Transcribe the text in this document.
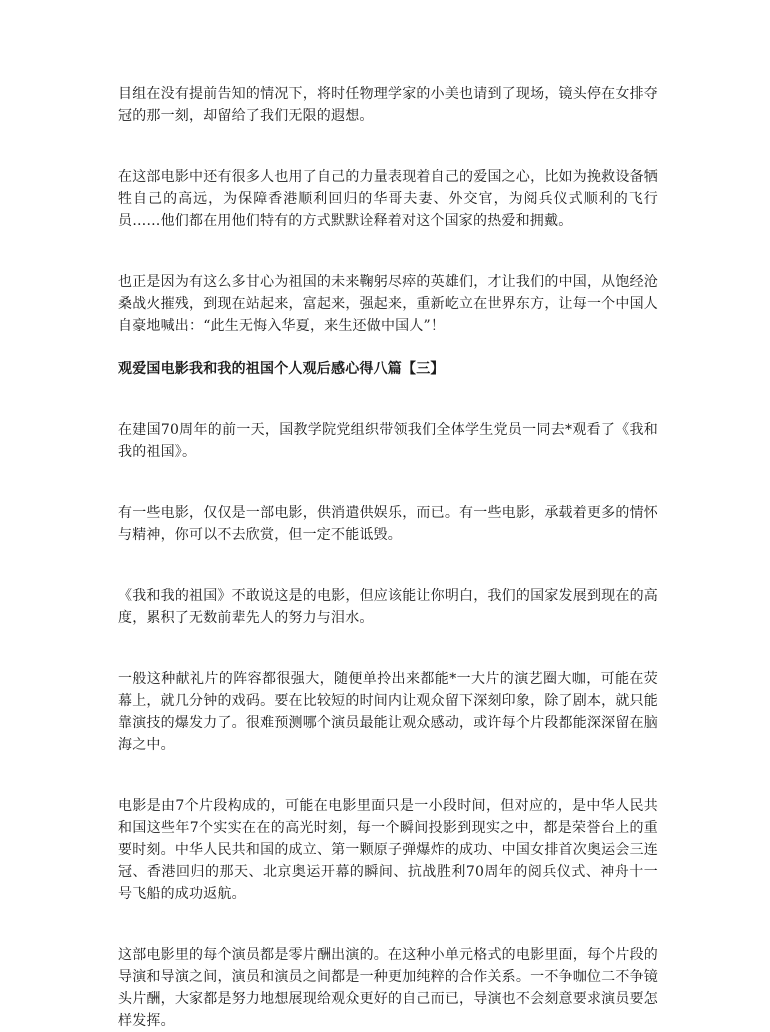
目组在没有提前告知的情况下，将时任物理学家的小美也请到了现场，镜头停在女排夺冠的那一刻，却留给了我们无限的遐想。

在这部电影中还有很多人也用了自己的力量表现着自己的爱国之心，比如为挽救设备牺牲自己的高远，为保障香港顺利回归的华哥夫妻、外交官，为阅兵仪式顺利的飞行员……他们都在用他们特有的方式默默诠释着对这个国家的热爱和拥戴。

也正是因为有这么多甘心为祖国的未来鞠躬尽瘁的英雄们，才让我们的中国，从饱经沧桑战火摧残，到现在站起来，富起来，强起来，重新屹立在世界东方，让每一个中国人自豪地喊出：“此生无悔入华夏，来生还做中国人”！

观爱国电影我和我的祖国个人观后感心得八篇【三】

在建国70周年的前一天，国教学院党组织带领我们全体学生党员一同去*观看了《我和我的祖国》。

有一些电影，仅仅是一部电影，供消遣供娱乐，而已。有一些电影，承载着更多的情怀与精神，你可以不去欣赏，但一定不能诋毁。

《我和我的祖国》不敢说这是的电影，但应该能让你明白，我们的国家发展到现在的高度，累积了无数前辈先人的努力与泪水。

一般这种献礼片的阵容都很强大，随便单拎出来都能*一大片的演艺圈大咖，可能在荧幕上，就几分钟的戏码。要在比较短的时间内让观众留下深刻印象，除了剧本，就只能靠演技的爆发力了。很难预测哪个演员最能让观众感动，或许每个片段都能深深留在脑海之中。

电影是由7个片段构成的，可能在电影里面只是一小段时间，但对应的，是中华人民共和国这些年7个实实在在的高光时刻，每一个瞬间投影到现实之中，都是荣誉台上的重要时刻。中华人民共和国的成立、第一颗原子弹爆炸的成功、中国女排首次奥运会三连冠、香港回归的那天、北京奥运开幕的瞬间、抗战胜利70周年的阅兵仪式、神舟十一号飞船的成功返航。

这部电影里的每个演员都是零片酬出演的。在这种小单元格式的电影里面，每个片段的导演和导演之间，演员和演员之间都是一种更加纯粹的合作关系。一不争咖位二不争镜头片酬，大家都是努力地想展现给观众更好的自己而已，导演也不会刻意要求演员要怎样发挥。
